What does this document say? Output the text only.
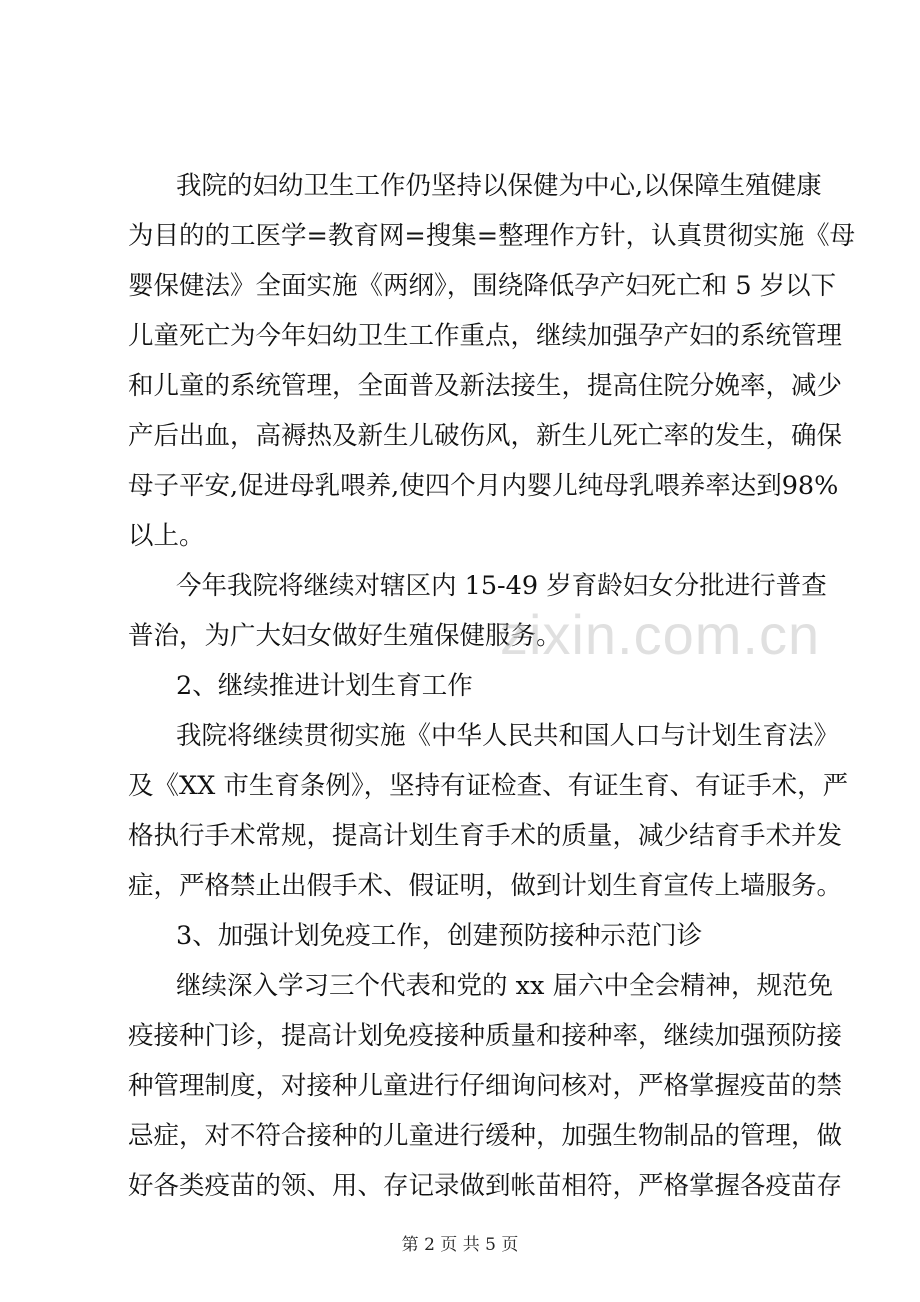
我院的妇幼卫生工作仍坚持以保健为中心,以保障生殖健康
为目的的工医学=教育网=搜集=整理作方针，认真贯彻实施《母
婴保健法》全面实施《两纲》，围绕降低孕产妇死亡和 5 岁以下
儿童死亡为今年妇幼卫生工作重点，继续加强孕产妇的系统管理
和儿童的系统管理，全面普及新法接生，提高住院分娩率，减少
产后出血，高褥热及新生儿破伤风，新生儿死亡率的发生，确保
母子平安,促进母乳喂养,使四个月内婴儿纯母乳喂养率达到98%
以上。
今年我院将继续对辖区内 15-49 岁育龄妇女分批进行普查
普治，为广大妇女做好生殖保健服务。
2、继续推进计划生育工作
我院将继续贯彻实施《中华人民共和国人口与计划生育法》
及《XX 市生育条例》，坚持有证检查、有证生育、有证手术，严
格执行手术常规，提高计划生育手术的质量，减少结育手术并发
症，严格禁止出假手术、假证明，做到计划生育宣传上墙服务。
3、加强计划免疫工作，创建预防接种示范门诊
继续深入学习三个代表和党的 xx 届六中全会精神，规范免
疫接种门诊，提高计划免疫接种质量和接种率，继续加强预防接
种管理制度，对接种儿童进行仔细询问核对，严格掌握疫苗的禁
忌症，对不符合接种的儿童进行缓种，加强生物制品的管理，做
好各类疫苗的领、用、存记录做到帐苗相符，严格掌握各疫苗存
zixin.com.cn
第 2 页 共 5 页
